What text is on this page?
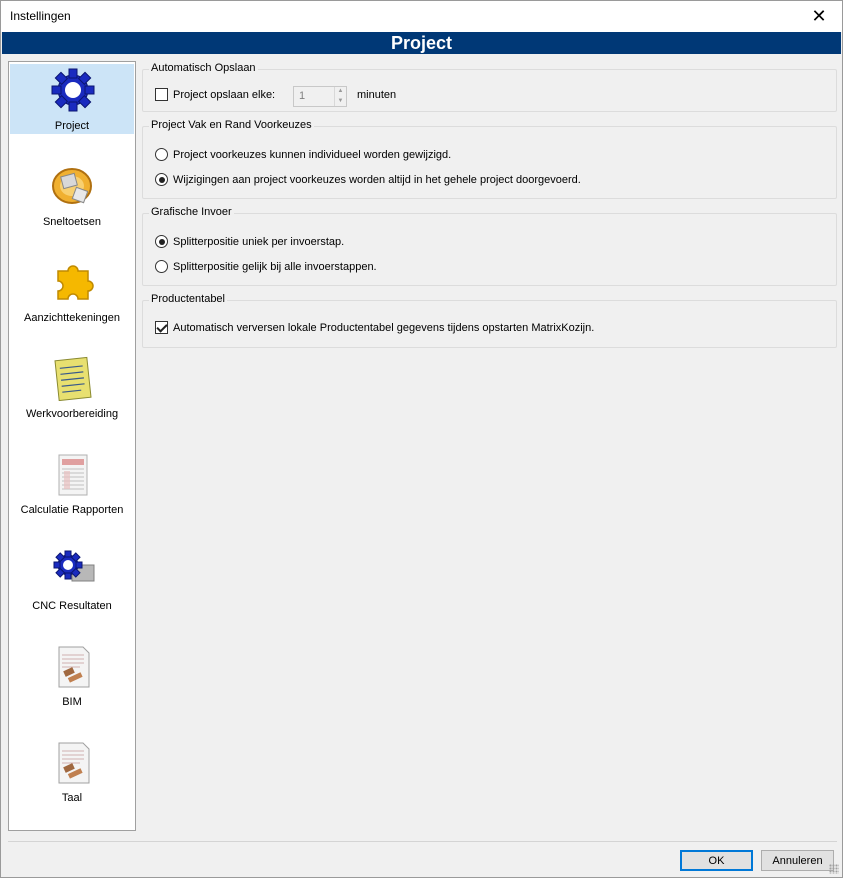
Instellingen	✕
Project
Project
Sneltoetsen
Aanzichttekeningen
Werkvoorbereiding
Calculatie Rapporten
CNC Resultaten
BIM
Taal
Automatisch Opslaan
Project opslaan elke:	1	▲
▼ minuten
Project Vak en Rand Voorkeuzes
Project voorkeuzes kunnen individueel worden gewijzigd.
Wijzigingen aan project voorkeuzes worden altijd in het gehele project doorgevoerd.
Grafische Invoer
Splitterpositie uniek per invoerstap.
Splitterpositie gelijk bij alle invoerstappen.
Productentabel
Automatisch verversen lokale Productentabel gegevens tijdens opstarten MatrixKozijn.
OK	Annuleren
